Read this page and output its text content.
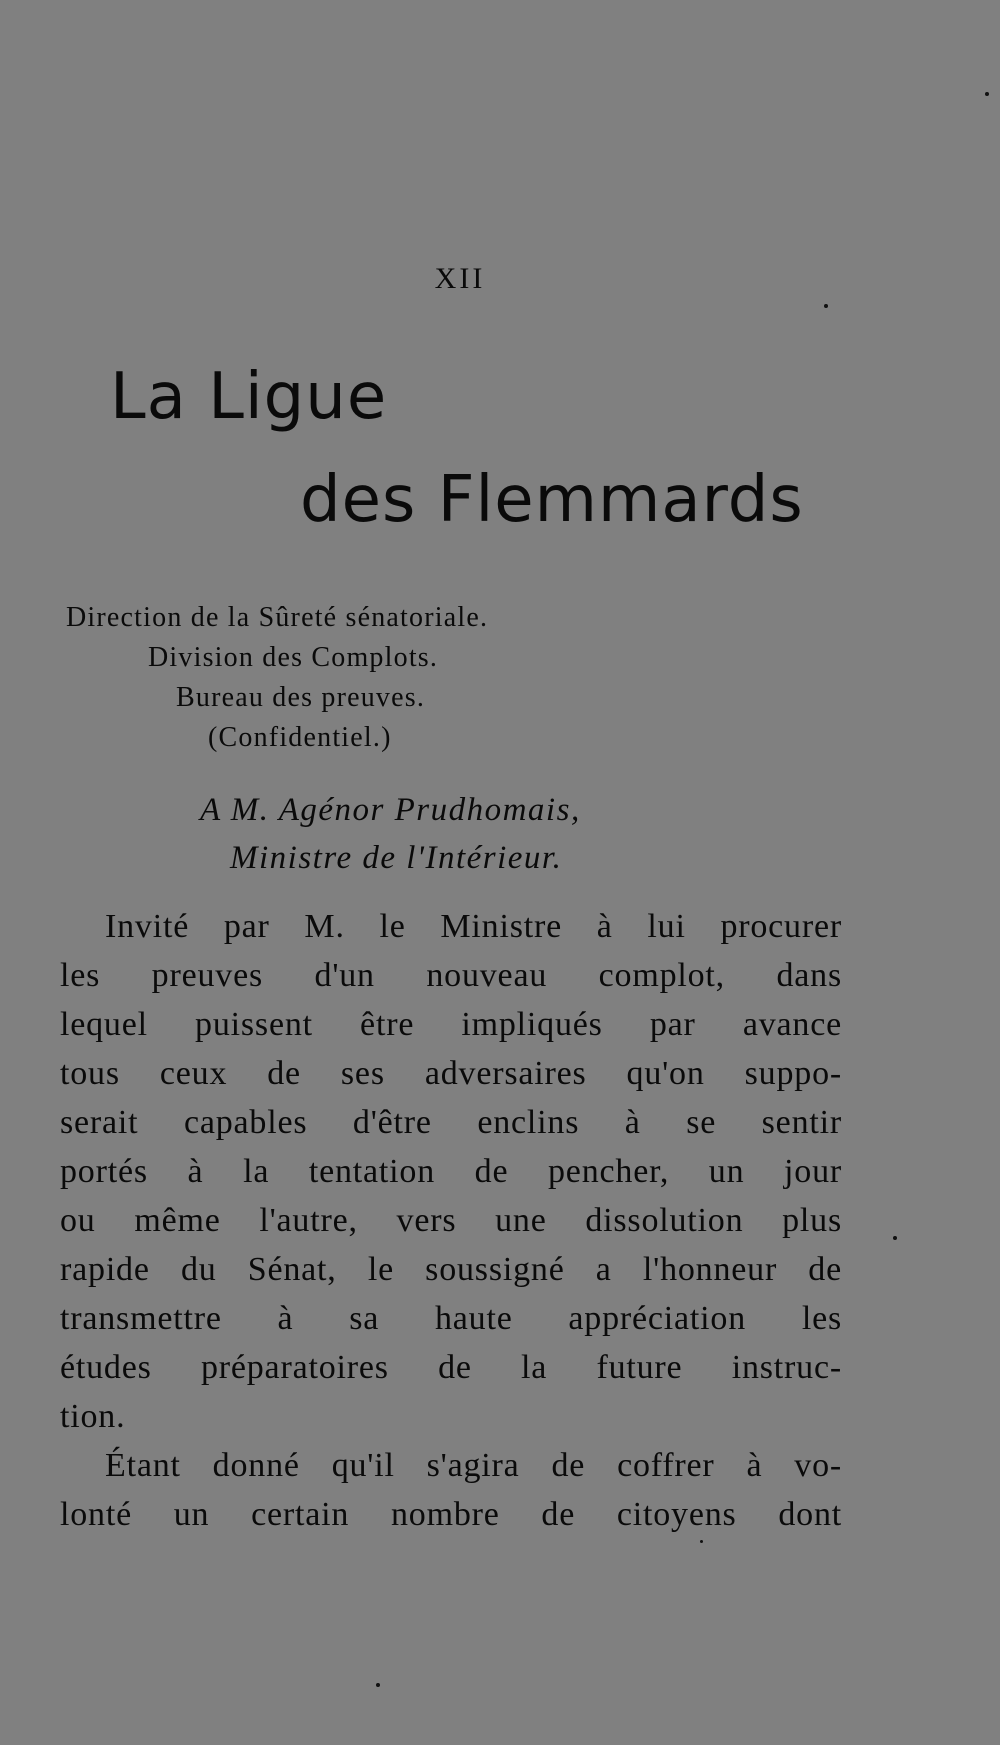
XII
La Ligue
des Flemmards
Direction de la Sûreté sénatoriale.
Division des Complots.
Bureau des preuves.
(Confidentiel.)
A M. Agénor Prudhomais,
Ministre de l'Intérieur.
Invité par M. le Ministre à lui procurer
les preuves d'un nouveau complot, dans
lequel puissent être impliqués par avance
tous ceux de ses adversaires qu'on suppo-
serait capables d'être enclins à se sentir
portés à la tentation de pencher, un jour
ou même l'autre, vers une dissolution plus
rapide du Sénat, le soussigné a l'honneur de
transmettre à sa haute appréciation les
études préparatoires de la future instruc-
tion.
Étant donné qu'il s'agira de coffrer à vo-
lonté un certain nombre de citoyens dont
